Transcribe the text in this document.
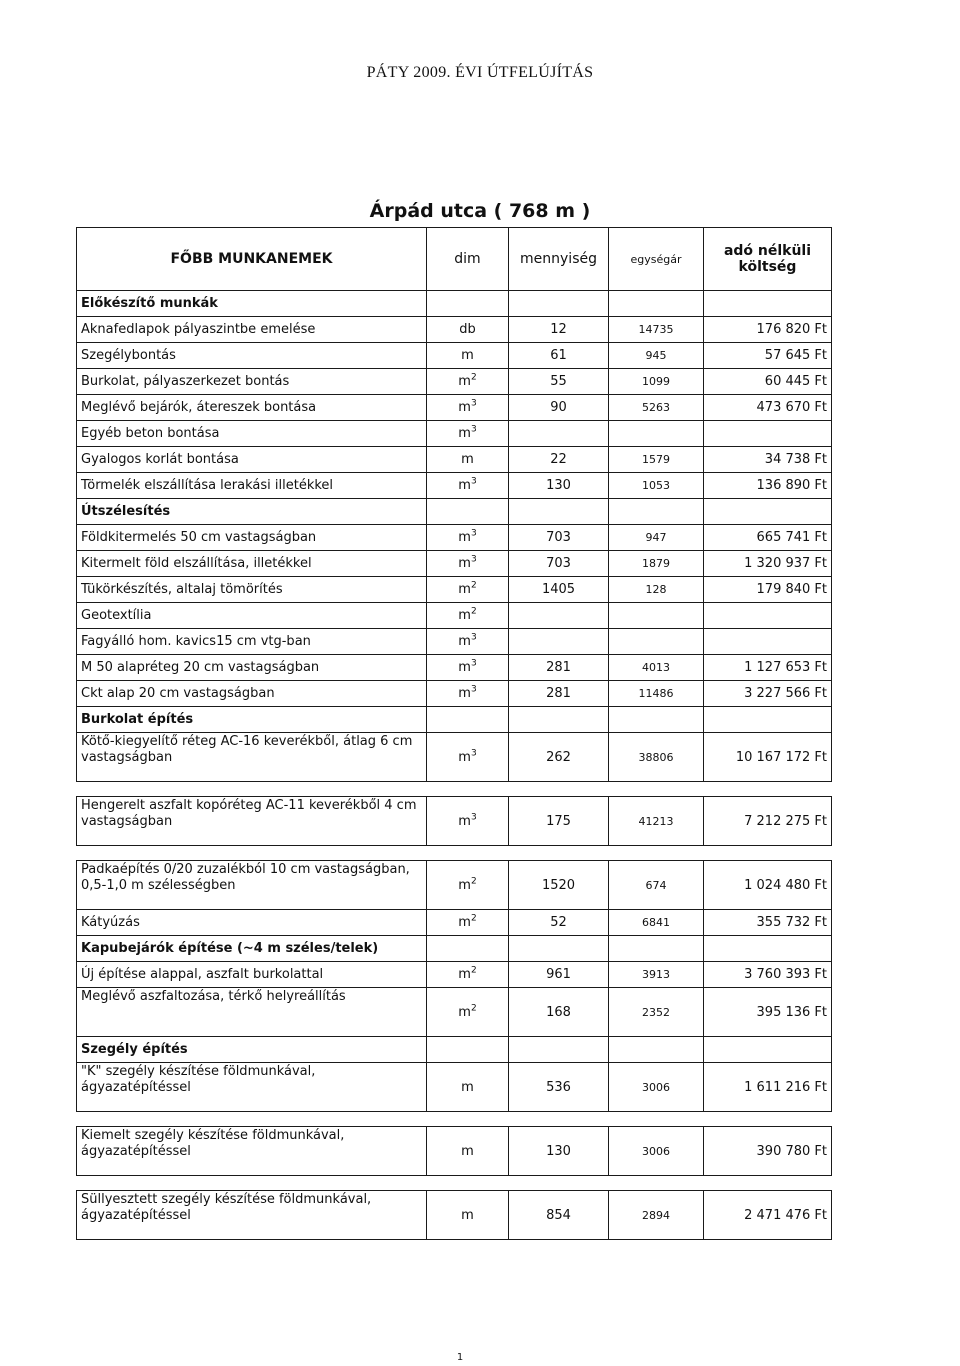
PÁTY 2009. ÉVI ÚTFELÚJÍTÁS
Árpád utca ( 768 m )
FŐBB MUNKANEMEK	dim	mennyiség	egységár	adó nélküli
költség
Előkészítő munkák				
Aknafedlapok pályaszintbe emelése	db	12	14735	176 820 Ft
Szegélybontás	m	61	945	57 645 Ft
Burkolat, pályaszerkezet bontás	$m^2$	55	1099	60 445 Ft
Meglévő bejárók, átereszek bontása	$m^3$	90	5263	473 670 Ft
Egyéb beton bontása	$m^3$			
Gyalogos korlát bontása	m	22	1579	34 738 Ft
Törmelék elszállítása lerakási illetékkel	$m^3$	130	1053	136 890 Ft
Útszélesítés				
Földkitermelés 50 cm vastagságban	$m^3$	703	947	665 741 Ft
Kitermelt föld elszállítása, illetékkel	$m^3$	703	1879	1 320 937 Ft
Tükörkészítés, altalaj tömörítés	$m^2$	1405	128	179 840 Ft
Geotextília	$m^2$			
Fagyálló hom. kavics15 cm vtg-ban	$m^3$			
M 50 alapréteg 20 cm vastagságban	$m^3$	281	4013	1 127 653 Ft
Ckt alap 20 cm vastagságban	$m^3$	281	11486	3 227 566 Ft
Burkolat építés				
Kötő-kiegyelítő réteg AC-16 keverékből, átlag 6 cm vastagságban	$m^3$	262	38806	10 167 172 Ft

Hengerelt aszfalt kopóréteg AC-11 keverékből 4 cm vastagságban	$m^3$	175	41213	7 212 275 Ft

Padkaépítés 0/20 zuzalékból 10 cm vastagságban, 0,5-1,0 m szélességben	$m^2$	1520	674	1 024 480 Ft
Kátyúzás	$m^2$	52	6841	355 732 Ft
Kapubejárók építése (~4 m széles/telek)				
Új építése alappal, aszfalt burkolattal	$m^2$	961	3913	3 760 393 Ft
Meglévő aszfaltozása, térkő helyreállítás	$m^2$	168	2352	395 136 Ft
Szegély építés				
"K" szegély készítése földmunkával, ágyazatépítéssel	m	536	3006	1 611 216 Ft

Kiemelt szegély készítése földmunkával, ágyazatépítéssel	m	130	3006	390 780 Ft

Süllyesztett szegély készítése földmunkával, ágyazatépítéssel	m	854	2894	2 471 476 Ft
1
